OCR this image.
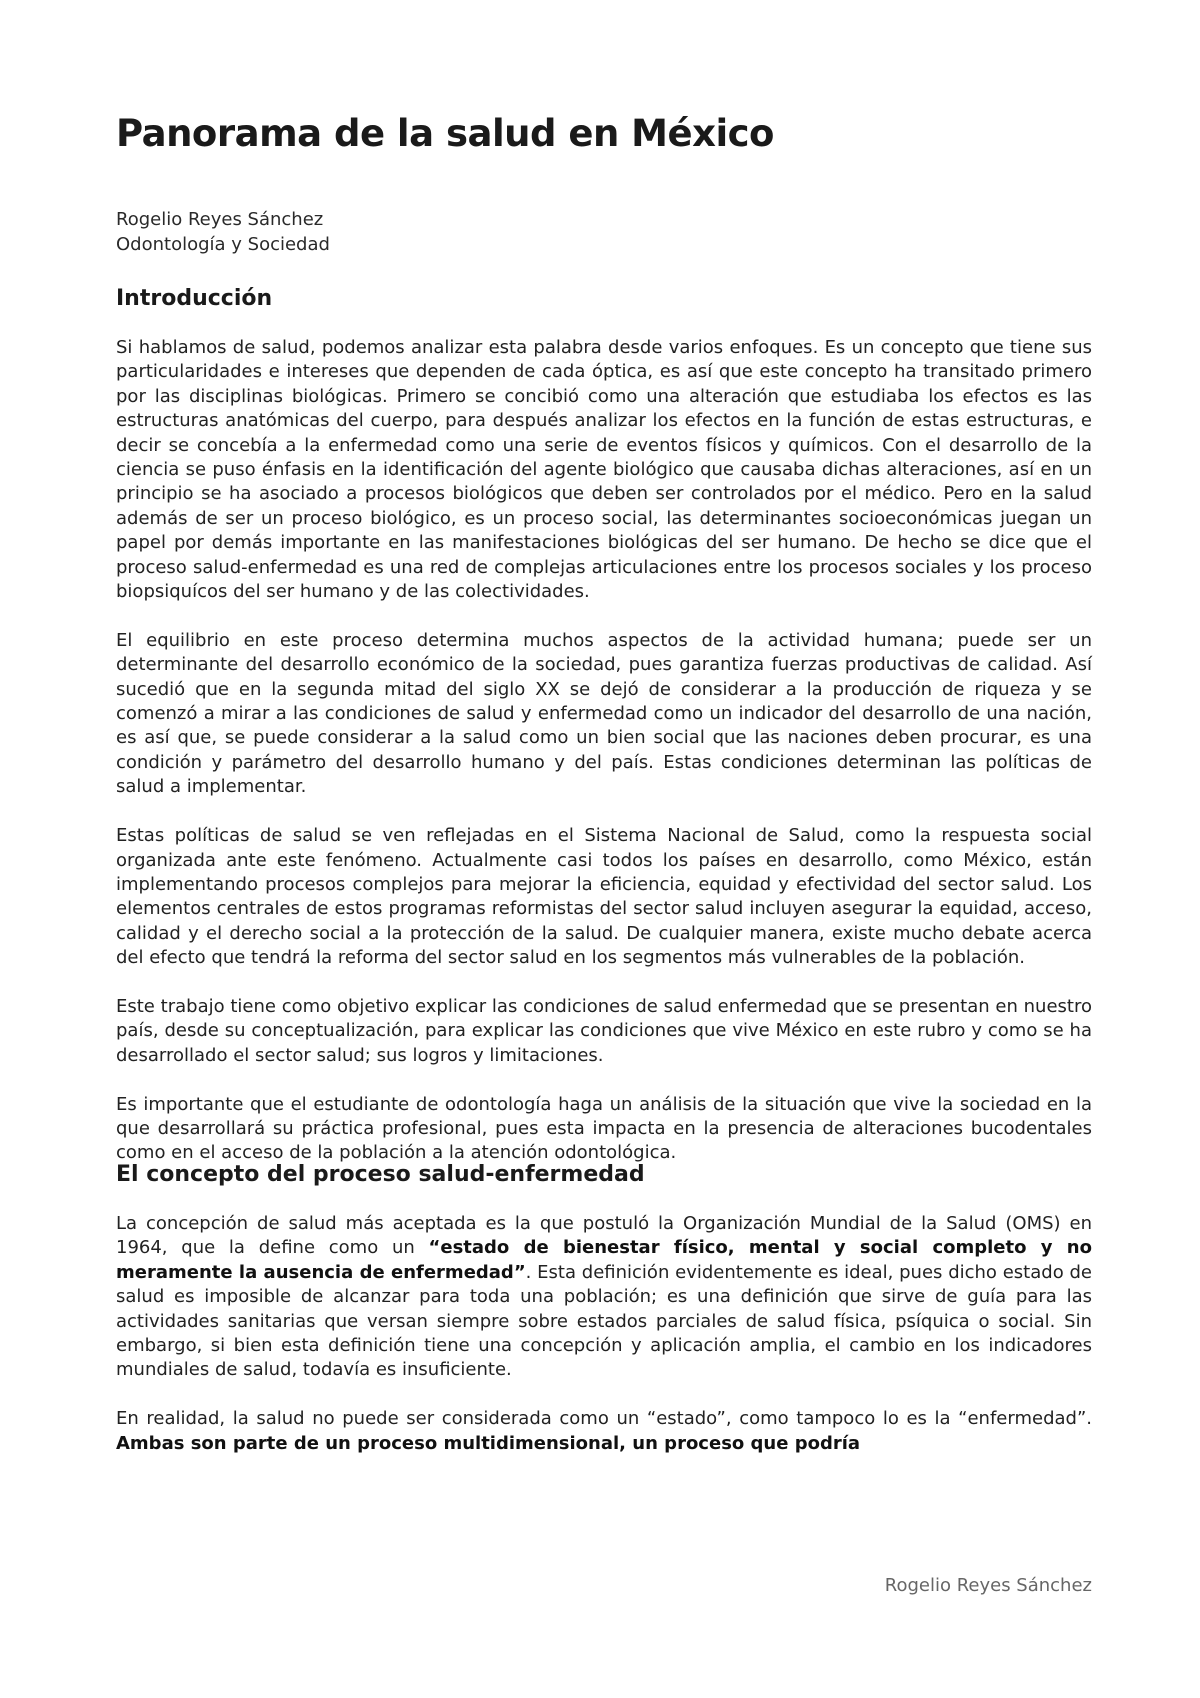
Panorama de la salud en México
Rogelio Reyes Sánchez
Odontología y Sociedad
Introducción

Si hablamos de salud, podemos analizar esta palabra desde varios enfoques. Es un concepto que tiene sus particularidades e intereses que dependen de cada óptica, es así que este concepto ha transitado primero por las disciplinas biológicas. Primero se concibió como una alteración que estudiaba los efectos es las estructuras anatómicas del cuerpo, para después analizar los efectos en la función de estas estructuras, e decir se concebía a la enfermedad como una serie de eventos físicos y químicos. Con el desarrollo de la ciencia se puso énfasis en la identificación del agente biológico que causaba dichas alteraciones, así en un principio se ha asociado a procesos biológicos que deben ser controlados por el médico. Pero en la salud además de ser un proceso biológico, es un proceso social, las determinantes socioeconómicas juegan un papel por demás importante en las manifestaciones biológicas del ser humano. De hecho se dice que el proceso salud-enfermedad es una red de complejas articulaciones entre los procesos sociales y los proceso biopsiquícos del ser humano y de las colectividades.

El equilibrio en este proceso determina muchos aspectos de la actividad humana; puede ser un determinante del desarrollo económico de la sociedad, pues garantiza fuerzas productivas de calidad. Así sucedió que en la segunda mitad del siglo XX se dejó de considerar a la producción de riqueza y se comenzó a mirar a las condiciones de salud y enfermedad como un indicador del desarrollo de una nación, es así que, se puede considerar a la salud como un bien social que las naciones deben procurar, es una condición y parámetro del desarrollo humano y del país. Estas condiciones determinan las políticas de salud a implementar.

Estas políticas de salud se ven reflejadas en el Sistema Nacional de Salud, como la respuesta social organizada ante este fenómeno. Actualmente casi todos los países en desarrollo, como México, están implementando procesos complejos para mejorar la eficiencia, equidad y efectividad del sector salud. Los elementos centrales de estos programas reformistas del sector salud incluyen asegurar la equidad, acceso, calidad y el derecho social a la protección de la salud. De cualquier manera, existe mucho debate acerca del efecto que tendrá la reforma del sector salud en los segmentos más vulnerables de la población.

Este trabajo tiene como objetivo explicar las condiciones de salud enfermedad que se presentan en nuestro país, desde su conceptualización, para explicar las condiciones que vive México en este rubro y como se ha desarrollado el sector salud; sus logros y limitaciones.

Es importante que el estudiante de odontología haga un análisis de la situación que vive la sociedad en la que desarrollará su práctica profesional, pues esta impacta en la presencia de alteraciones bucodentales como en el acceso de la población a la atención odontológica.

El concepto del proceso salud-enfermedad

La concepción de salud más aceptada es la que postuló la Organización Mundial de la Salud (OMS) en 1964, que la define como un “estado de bienestar físico, mental y social completo y no meramente la ausencia de enfermedad”. Esta definición evidentemente es ideal, pues dicho estado de salud es imposible de alcanzar para toda una población; es una definición que sirve de guía para las actividades sanitarias que versan siempre sobre estados parciales de salud física, psíquica o social. Sin embargo, si bien esta definición tiene una concepción y aplicación amplia, el cambio en los indicadores mundiales de salud, todavía es insuficiente.

En realidad, la salud no puede ser considerada como un “estado”, como tampoco lo es la “enfermedad”. Ambas son parte de un proceso multidimensional, un proceso que podría

Rogelio Reyes Sánchez
